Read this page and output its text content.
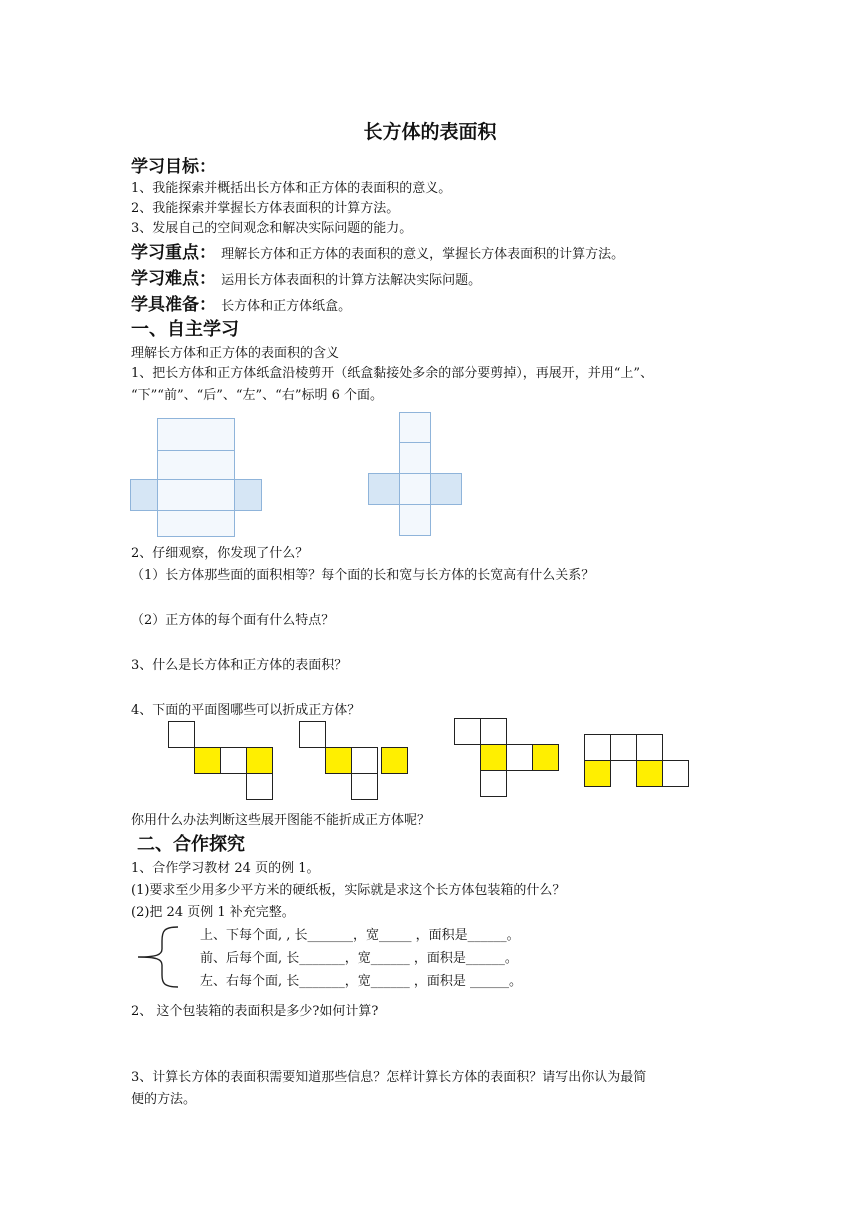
长方体的表面积
学习目标：
1、我能探索并概括出长方体和正方体的表面积的意义。
2、我能探索并掌握长方体表面积的计算方法。
3、发展自己的空间观念和解决实际问题的能力。
学习重点： 理解长方体和正方体的表面积的意义，掌握长方体表面积的计算方法。
学习难点： 运用长方体表面积的计算方法解决实际问题。
学具准备： 长方体和正方体纸盒。
一、自主学习
理解长方体和正方体的表面积的含义
1、把长方体和正方体纸盒沿棱剪开（纸盒黏接处多余的部分要剪掉），再展开，并用“上”、
“下”“前”、“后”、“左”、“右”标明 6 个面。
2、仔细观察，你发现了什么？
（1）长方体那些面的面积相等？每个面的长和宽与长方体的长宽高有什么关系？
（2）正方体的每个面有什么特点？
3、什么是长方体和正方体的表面积？
4、下面的平面图哪些可以折成正方体？
你用什么办法判断这些展开图能不能折成正方体呢？
二、合作探究
1、合作学习教材 24 页的例 1。
(1)要求至少用多少平方米的硬纸板，实际就是求这个长方体包装箱的什么？
(2)把 24 页例 1 补充完整。
上、下每个面, , 长_______，宽_____ ，面积是______。
前、后每个面, 长_______，宽______ ，面积是______。
左、右每个面, 长_______，宽______ ，面积是 ______。
2、 这个包装箱的表面积是多少?如何计算?
3、计算长方体的表面积需要知道那些信息？怎样计算长方体的表面积？请写出你认为最简
便的方法。
